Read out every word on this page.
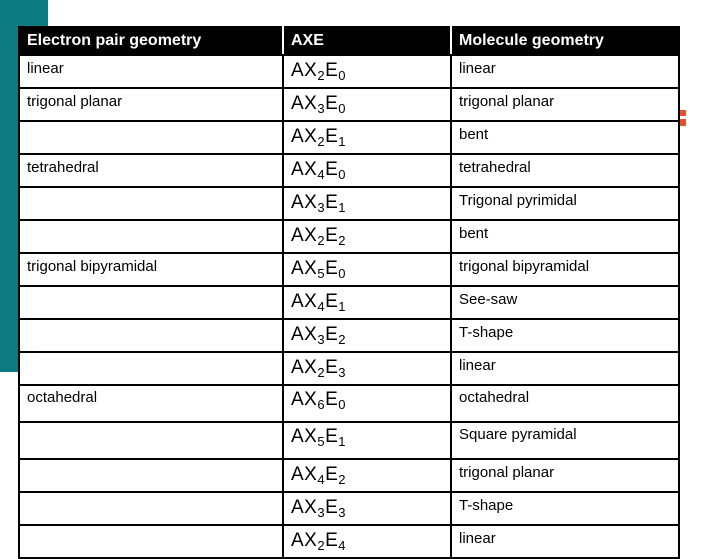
Electron pair geometry	AXE	Molecule geometry
linear	$AX_2E_0$	linear
trigonal planar	$AX_3E_0$	trigonal planar
	$AX_2E_1$	bent
tetrahedral	$AX_4E_0$	tetrahedral
	$AX_3E_1$	Trigonal pyrimidal
	$AX_2E_2$	bent
trigonal bipyramidal	$AX_5E_0$	trigonal bipyramidal
	$AX_4E_1$	See-saw
	$AX_3E_2$	T-shape
	$AX_2E_3$	linear
octahedral	$AX_6E_0$	octahedral
	$AX_5E_1$	Square pyramidal
	$AX_4E_2$	trigonal planar
	$AX_3E_3$	T-shape
	$AX_2E_4$	linear
